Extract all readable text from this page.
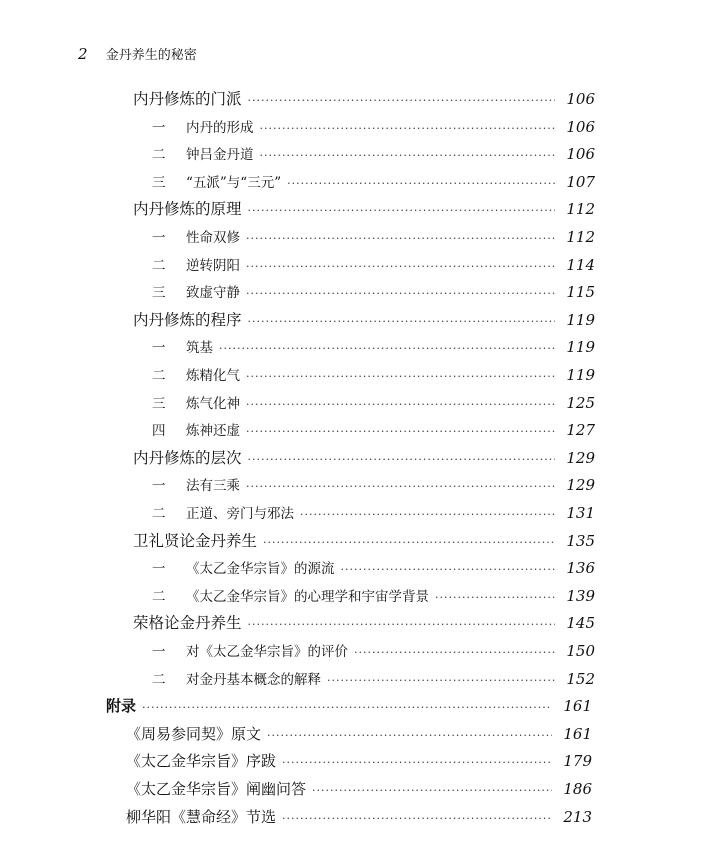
2 金丹养生的秘密
内丹修炼的门派 ·····	106
一 内丹的形成 ·····	106
二 钟吕金丹道 ·····	106
三 “五派”与“三元” ·····	107
内丹修炼的原理 ·····	112
一 性命双修 ·····	112
二 逆转阴阳 ·····	114
三 致虚守静 ·····	115
内丹修炼的程序 ·····	119
一 筑基 ·····	119
二 炼精化气 ·····	119
三 炼气化神 ·····	125
四 炼神还虚 ·····	127
内丹修炼的层次 ·····	129
一 法有三乘 ·····	129
二 正道、旁门与邪法 ·····	131
卫礼贤论金丹养生 ·····	135
一 《太乙金华宗旨》的源流 ·····	136
二 《太乙金华宗旨》的心理学和宇宙学背景 ·····	139
荣格论金丹养生 ·····	145
一 对《太乙金华宗旨》的评价 ·····	150
二 对金丹基本概念的解释 ·····	152
附录 ·····	161
《周易参同契》原文 ·····	161
《太乙金华宗旨》序跋 ·····	179
《太乙金华宗旨》阐幽问答 ·····	186
柳华阳《慧命经》节选 ·····	213
